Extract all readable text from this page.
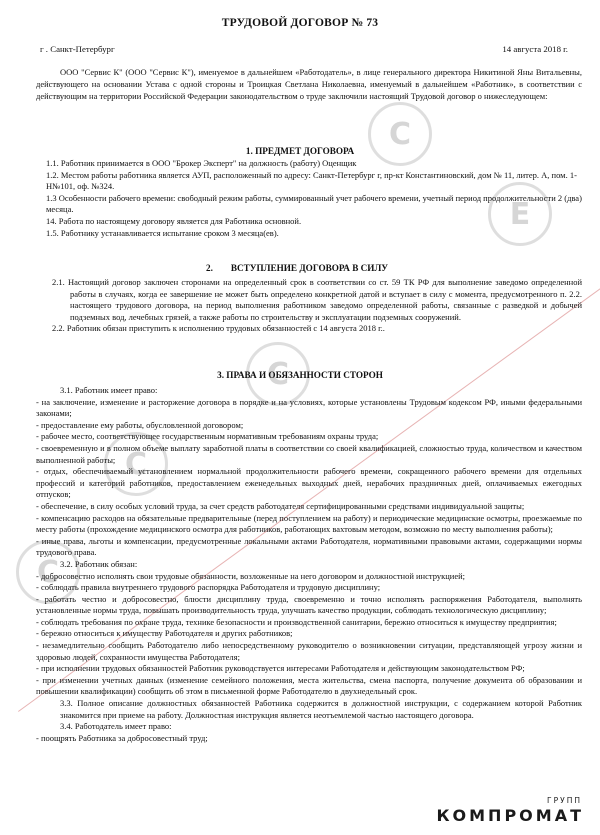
C
E
C
C
C
ТРУДОВОЙ ДОГОВОР № 73
г . Санкт-Петербург	14 августа 2018 г.
ООО "Сервис К" (ООО "Сервис К"), именуемое в дальнейшем «Работодатель», в лице генерального директора Никитиной Яны Витальевны, действующего на основании Устава с одной стороны и Троицкая Светлана Николаевна, именуемый в дальнейшем «Работник», в соответствии с действующим на территории Российской Федерации законодательством о труде заключили настоящий Трудовой договор о нижеследующем:
1. ПРЕДМЕТ ДОГОВОРА

1.1. Работник принимается в ООО "Брокер Эксперт" на должность (работу) Оценщик

1.2. Местом работы работника является АУП, расположенный по адресу: Санкт-Петербург г, пр-кт Константиновский, дом № 11, литер. А, пом. 1-Н№101, оф. №324.

1.3 Особенности рабочего времени: свободный режим работы, суммированный учет рабочего времени, учетный период продолжительности 2 (два) месяца.

14. Работа по настоящему договору является для Работника основной.

1.5. Работнику устанавливается испытание сроком 3 месяца(ев).

2. ВСТУПЛЕНИЕ ДОГОВОРА В СИЛУ

2.1. Настоящий договор заключен сторонами на определенный срок в соответствии со ст. 59 ТК РФ для выполнение заведомо определенной работы в случаях, когда ее завершение не может быть определено конкретной датой и вступает в силу с момента, предусмотренного п. 2.2. настоящего трудового договора, на период выполнения работником заведомо определенной работы, связанные с разведкой и добычей подземных вод, лечебных грязей, а также работы по строительству и эксплуатации подземных сооружений.

2.2. Работник обязан приступить к исполнению трудовых обязанностей с 14 августа 2018 г..

3. ПРАВА И ОБЯЗАННОСТИ СТОРОН

3.1. Работник имеет право:

- на заключение, изменение и расторжение договора в порядке и на условиях, которые установлены Трудовым кодексом РФ, иными федеральными законами;

- предоставление ему работы, обусловленной договором;

- рабочее место, соответствующее государственным нормативным требованиям охраны труда;

- своевременную и в полном объеме выплату заработной платы в соответствии со своей квалификацией, сложностью труда, количеством и качеством выполненной работы;

- отдых, обеспечиваемый установлением нормальной продолжительности рабочего времени, сокращенного рабочего времени для отдельных профессий и категорий работников, предоставлением еженедельных выходных дней, нерабочих праздничных дней, оплачиваемых ежегодных отпусков;

- обеспечение, в силу особых условий труда, за счет средств работодателя сертифицированными средствами индивидуальной защиты;

- компенсацию расходов на обязательные предварительные (перед поступлением на работу) и периодические медицинские осмотры, проезжаемые по месту работы (прохождение медицинского осмотра для работников, работающих вахтовым методом, возможно по месту выполнения работы);

- иные права, льготы и компенсации, предусмотренные локальными актами Работодателя, нормативными правовыми актами, содержащими нормы трудового права.

3.2. Работник обязан:

- добросовестно исполнять свои трудовые обязанности, возложенные на него договором и должностной инструкцией;

- соблюдать правила внутреннего трудового распорядка Работодателя и трудовую дисциплину;

- работать честно и добросовестно, блюсти дисциплину труда, своевременно и точно исполнять распоряжения Работодателя, выполнять установленные нормы труда, повышать производительность труда, улучшать качество продукции, соблюдать технологическую дисциплину;

- соблюдать требования по охране труда, технике безопасности и производственной санитарии, бережно относиться к имуществу предприятия;

- бережно относиться к имуществу Работодателя и других работников;

- незамедлительно сообщить Работодателю либо непосредственному руководителю о возникновении ситуации, представляющей угрозу жизни и здоровью людей, сохранности имущества Работодателя;

- при исполнении трудовых обязанностей Работник руководствуется интересами Работодателя и действующим законодательством РФ;

- при изменении учетных данных (изменение семейного положения, места жительства, смена паспорта, получение документа об образовании и повышении квалификации) сообщить об этом в письменной форме Работодателю в двухнедельный срок.

3.3. Полное описание должностных обязанностей Работника содержится в должностной инструкции, с содержанием которой Работник знакомится при приеме на работу. Должностная инструкция является неотъемлемой частью настоящего договора.

3.4. Работодатель имеет право:

- поощрять Работника за добросовестный труд;

ГРУПП
КОМПРОМАТ
